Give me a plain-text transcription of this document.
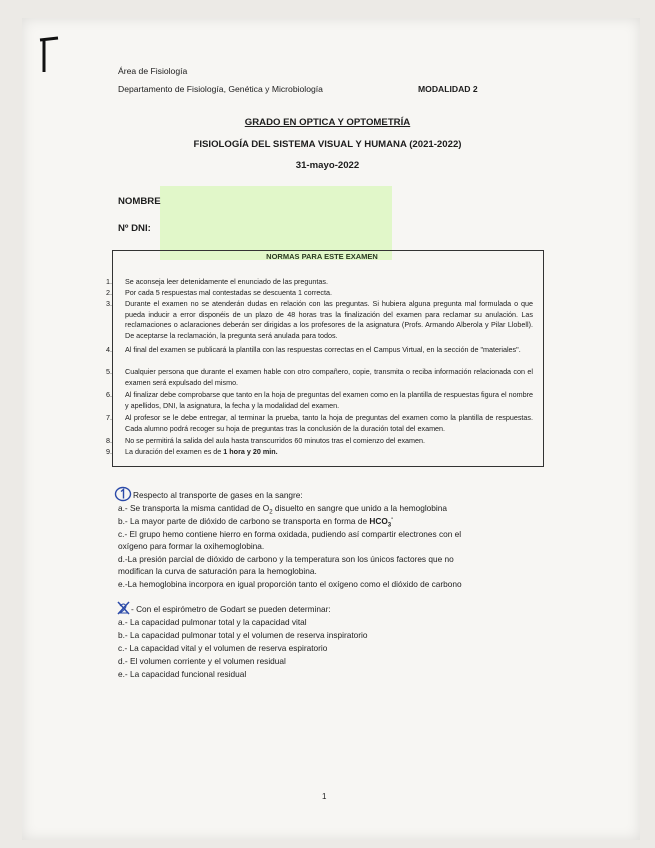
Área de Fisiología
Departamento de Fisiología, Genética y Microbiología	MODALIDAD 2
GRADO EN OPTICA Y OPTOMETRÍA
FISIOLOGÍA DEL SISTEMA VISUAL Y HUMANA (2021-2022)
31-mayo-2022
NOMBRE
Nº DNI:
NORMAS PARA ESTE EXAMEN
1. Se aconseja leer detenidamente el enunciado de las preguntas.
2. Por cada 5 respuestas mal contestadas se descuenta 1 correcta.
3. Durante el examen no se atenderán dudas en relación con las preguntas. Si hubiera alguna pregunta mal formulada o que pueda inducir a error disponéis de un plazo de 48 horas tras la finalización del examen para reclamar su anulación. Las reclamaciones o aclaraciones deberán ser dirigidas a los profesores de la asignatura (Profs. Armando Alberola y Pilar Llobell). De aceptarse la reclamación, la pregunta será anulada para todos.
4. Al final del examen se publicará la plantilla con las respuestas correctas en el Campus Virtual, en la sección de "materiales".
5. Cualquier persona que durante el examen hable con otro compañero, copie, transmita o reciba información relacionada con el examen será expulsado del mismo.
6. Al finalizar debe comprobarse que tanto en la hoja de preguntas del examen como en la plantilla de respuestas figura el nombre y apellidos, DNI, la asignatura, la fecha y la modalidad del examen.
7. Al profesor se le debe entregar, al terminar la prueba, tanto la hoja de preguntas del examen como la plantilla de respuestas. Cada alumno podrá recoger su hoja de preguntas tras la conclusión de la duración total del examen.
8. No se permitirá la salida del aula hasta transcurridos 60 minutos tras el comienzo del examen.
9. La duración del examen es de 1 hora y 20 min.
Respecto al transporte de gases en la sangre:
a.- Se transporta la misma cantidad de $O_2$ disuelto en sangre que unido a la hemoglobina
b.- La mayor parte de dióxido de carbono se transporta en forma de $HCO_3^-$
c.- El grupo hemo contiene hierro en forma oxidada, pudiendo así compartir electrones con el
oxígeno para formar la oxihemoglobina.
d.-La presión parcial de dióxido de carbono y la temperatura son los únicos factores que no
modifican la curva de saturación para la hemoglobina.
e.-La hemoglobina incorpora en igual proporción tanto el oxígeno como el dióxido de carbono
- Con el espirómetro de Godart se pueden determinar:
a.- La capacidad pulmonar total y la capacidad vital
b.- La capacidad pulmonar total y el volumen de reserva inspiratorio
c.- La capacidad vital y el volumen de reserva espiratorio
d.- El volumen corriente y el volumen residual
e.- La capacidad funcional residual
1
